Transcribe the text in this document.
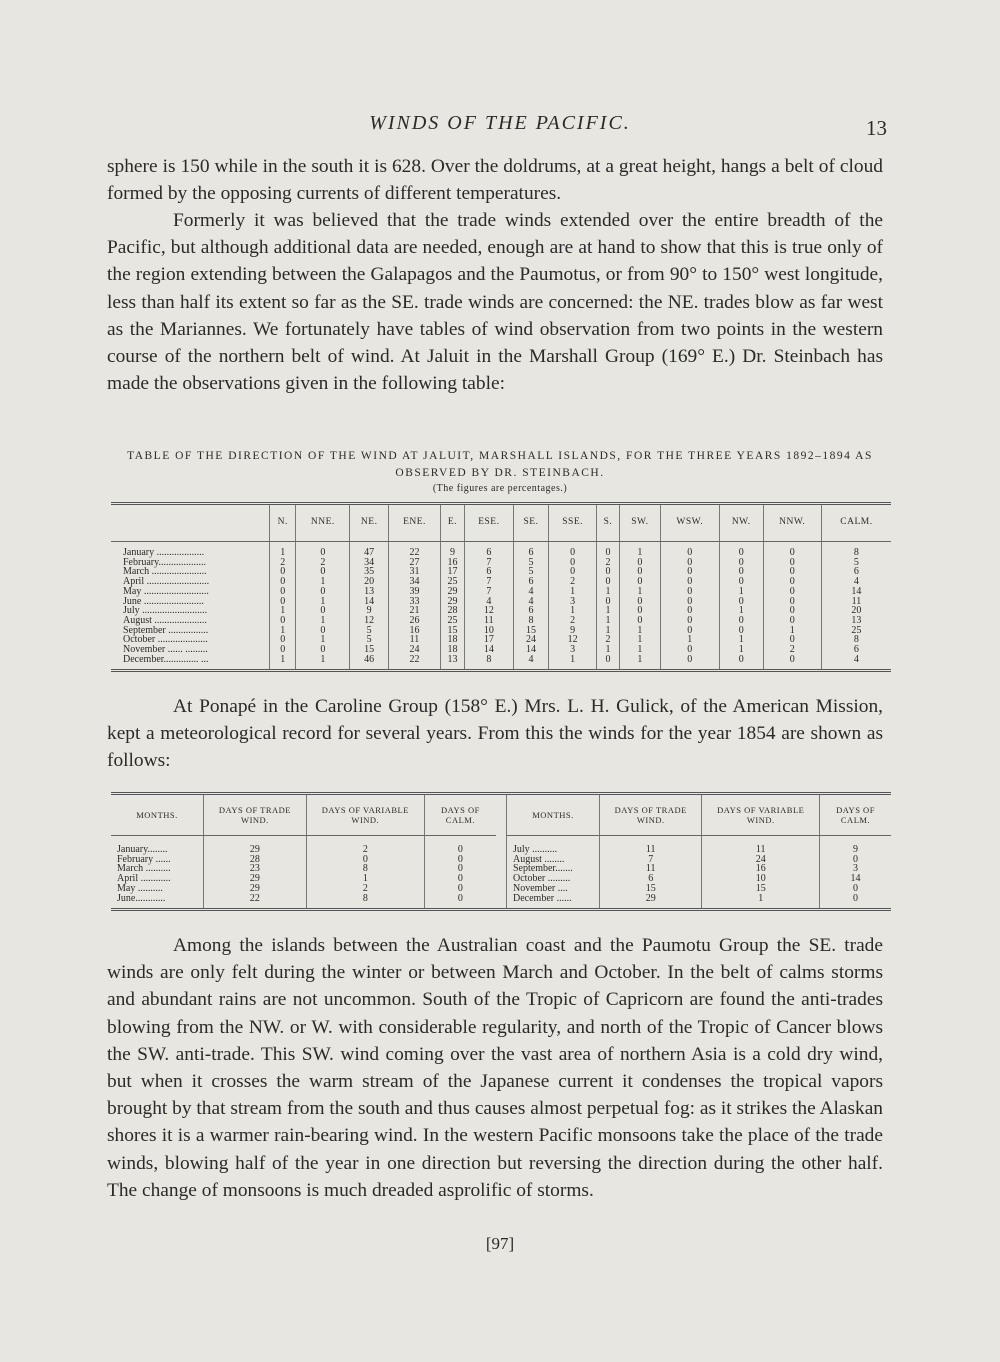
WINDS OF THE PACIFIC.	13

sphere is 150 while in the south it is 628. Over the doldrums, at a great height, hangs a belt of cloud formed by the opposing currents of different temperatures.

Formerly it was believed that the trade winds extended over the entire breadth of the Pacific, but although additional data are needed, enough are at hand to show that this is true only of the region extending between the Galapagos and the Paumotus, or from 90° to 150° west longitude, less than half its extent so far as the SE. trade winds are concerned: the NE. trades blow as far west as the Mariannes. We fortunately have tables of wind observation from two points in the western course of the northern belt of wind. At Jaluit in the Marshall Group (169° E.) Dr. Steinbach has made the observations given in the following table:

TABLE OF THE DIRECTION OF THE WIND AT JALUIT, MARSHALL ISLANDS, FOR THE THREE YEARS 1892–1894 AS OBSERVED BY DR. STEINBACH.
(The figures are percentages.)
	N.	NNE.	NE.	ENE.	E.	ESE.	SE.	SSE.	S.	SW.	WSW.	NW.	NNW.	CALM.
January ...................	1	0	47	22	9	6	6	0	0	1	0	0	0	8
February...................	2	2	34	27	16	7	5	0	2	0	0	0	0	5
March ......................	0	0	35	31	17	6	5	0	0	0	0	0	0	6
April .........................	0	1	20	34	25	7	6	2	0	0	0	0	0	4
May ..........................	0	0	13	39	29	7	4	1	1	1	0	1	0	14
June ........................	0	1	14	33	29	4	4	3	0	0	0	0	0	11
July ..........................	1	0	9	21	28	12	6	1	1	0	0	1	0	20
August .....................	0	1	12	26	25	11	8	2	1	0	0	0	0	13
September ................	1	0	5	16	15	10	15	9	1	1	0	0	1	25
October ....................	0	1	5	11	18	17	24	12	2	1	1	1	0	8
November ...... .........	0	0	15	24	18	14	14	3	1	1	0	1	2	6
December.............. ...	1	1	46	22	13	8	4	1	0	1	0	0	0	4

At Ponapé in the Caroline Group (158° E.) Mrs. L. H. Gulick, of the American Mission, kept a meteorological record for several years. From this the winds for the year 1854 are shown as follows:

MONTHS.	DAYS OF TRADE WIND.	DAYS OF VARIABLE WIND.	DAYS OF CALM.
January........	29	2	0
February ......	28	0	0
March ..........	23	8	0
April ............	29	1	0
May ..........	29	2	0
June............	22	8	0
MONTHS.	DAYS OF TRADE WIND.	DAYS OF VARIABLE WIND.	DAYS OF CALM.
July ..........	11	11	9
August ........	7	24	0
September.......	11	16	3
October .........	6	10	14
November ....	15	15	0
December ......	29	1	0

Among the islands between the Australian coast and the Paumotu Group the SE. trade winds are only felt during the winter or between March and October. In the belt of calms storms and abundant rains are not uncommon. South of the Tropic of Capricorn are found the anti-trades blowing from the NW. or W. with considerable regularity, and north of the Tropic of Cancer blows the SW. anti-trade. This SW. wind coming over the vast area of northern Asia is a cold dry wind, but when it crosses the warm stream of the Japanese current it condenses the tropical vapors brought by that stream from the south and thus causes almost perpetual fog: as it strikes the Alaskan shores it is a warmer rain-bearing wind. In the western Pacific monsoons take the place of the trade winds, blowing half of the year in one direction but reversing the direction during the other half. The change of monsoons is much dreaded asprolific of storms.

[97]
